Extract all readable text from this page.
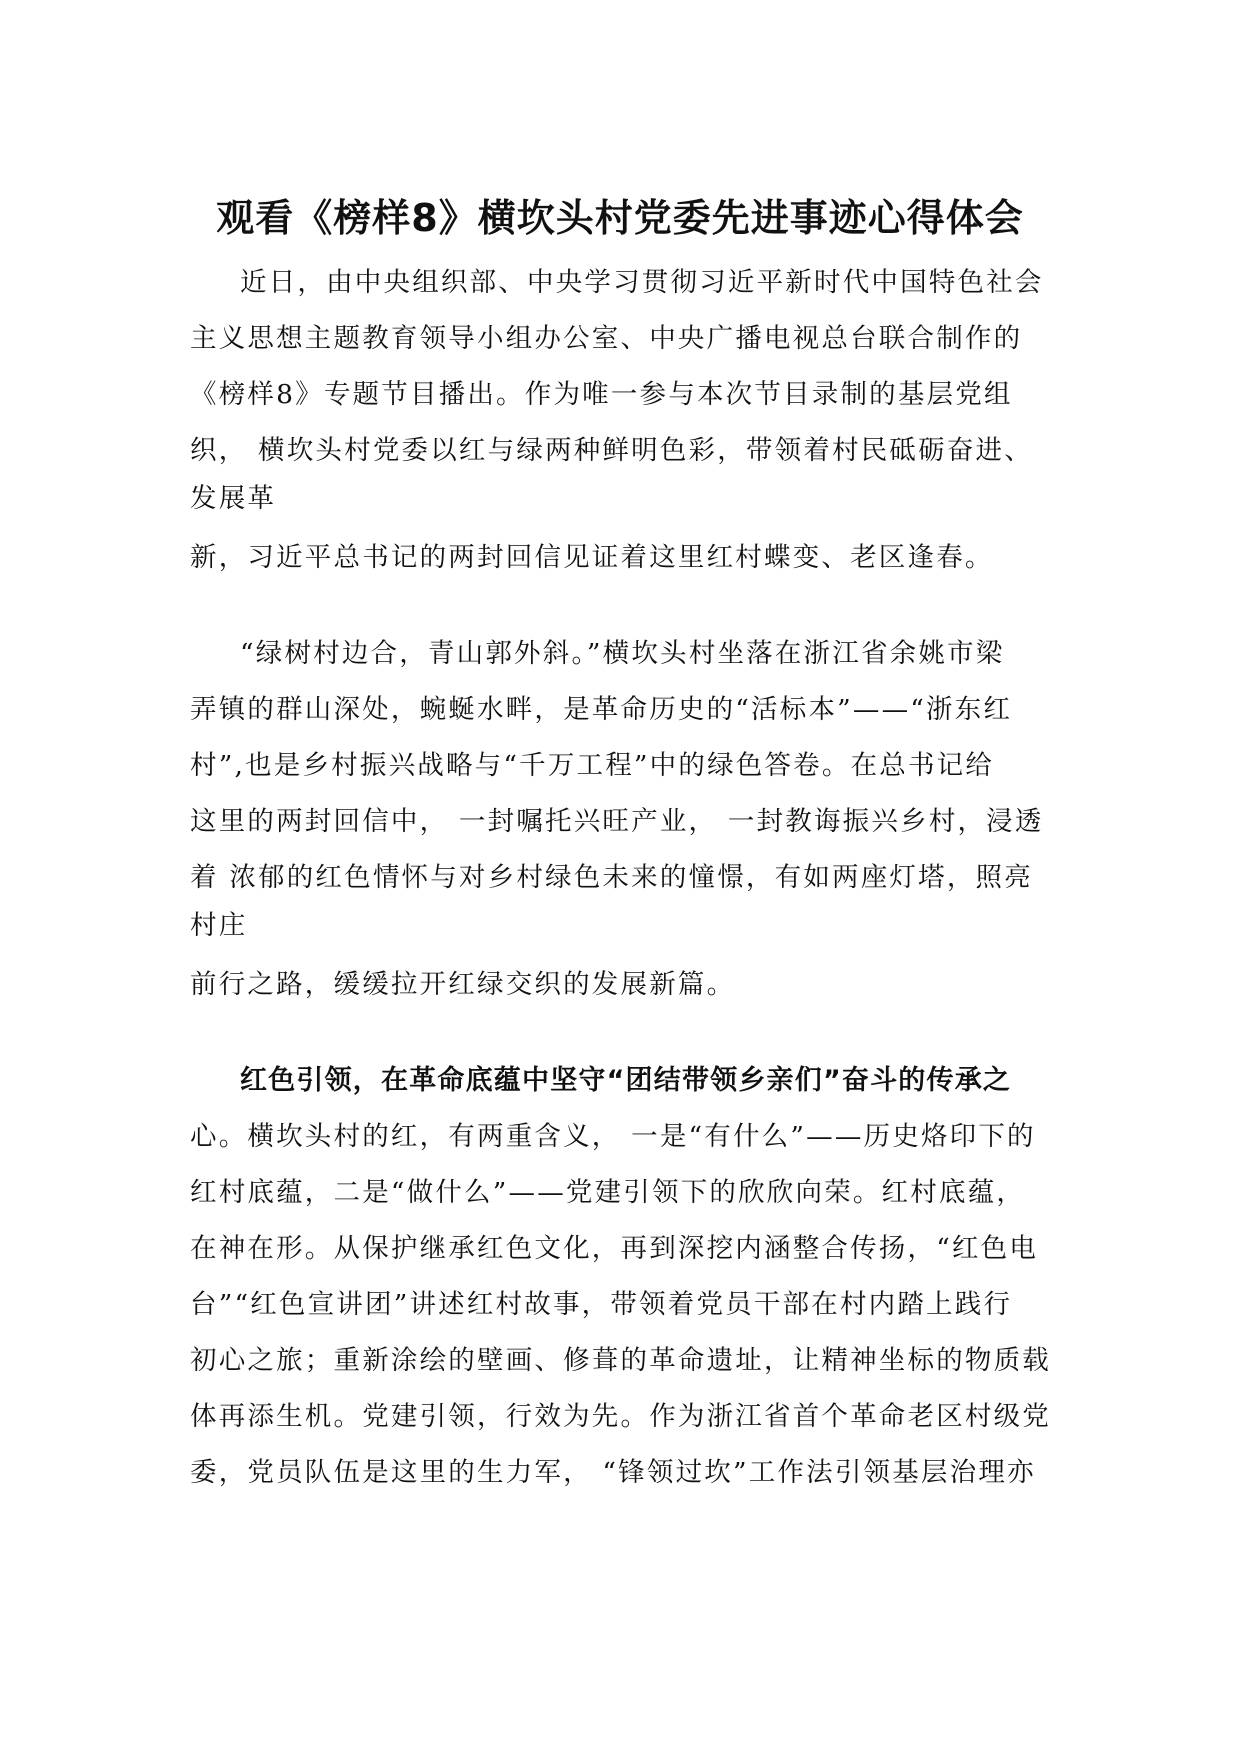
观看《榜样8》横坎头村党委先进事迹心得体会
近日，由中央组织部、中央学习贯彻习近平新时代中国特色社会
主义思想主题教育领导小组办公室、中央广播电视总台联合制作的
《榜样8》专题节目播出。作为唯一参与本次节目录制的基层党组
织， 横坎头村党委以红与绿两种鲜明色彩，带领着村民砥砺奋进、
发展革
新，习近平总书记的两封回信见证着这里红村蝶变、老区逢春。
“绿树村边合，青山郭外斜。”横坎头村坐落在浙江省余姚市梁
弄镇的群山深处，蜿蜒水畔，是革命历史的“活标本”——“浙东红
村”,也是乡村振兴战略与“千万工程”中的绿色答卷。在总书记给
这里的两封回信中， 一封嘱托兴旺产业， 一封教诲振兴乡村，浸透
着 浓郁的红色情怀与对乡村绿色未来的憧憬，有如两座灯塔，照亮
村庄
前行之路，缓缓拉开红绿交织的发展新篇。
红色引领，在革命底蕴中坚守“团结带领乡亲们”奋斗的传承之
心。横坎头村的红，有两重含义， 一是“有什么”——历史烙印下的
红村底蕴，二是“做什么”——党建引领下的欣欣向荣。红村底蕴，
在神在形。从保护继承红色文化，再到深挖内涵整合传扬，“红色电
台”“红色宣讲团”讲述红村故事，带领着党员干部在村内踏上践行
初心之旅；重新涂绘的壁画、修葺的革命遗址，让精神坐标的物质载
体再添生机。党建引领，行效为先。作为浙江省首个革命老区村级党
委，党员队伍是这里的生力军， “锋领过坎”工作法引领基层治理亦
